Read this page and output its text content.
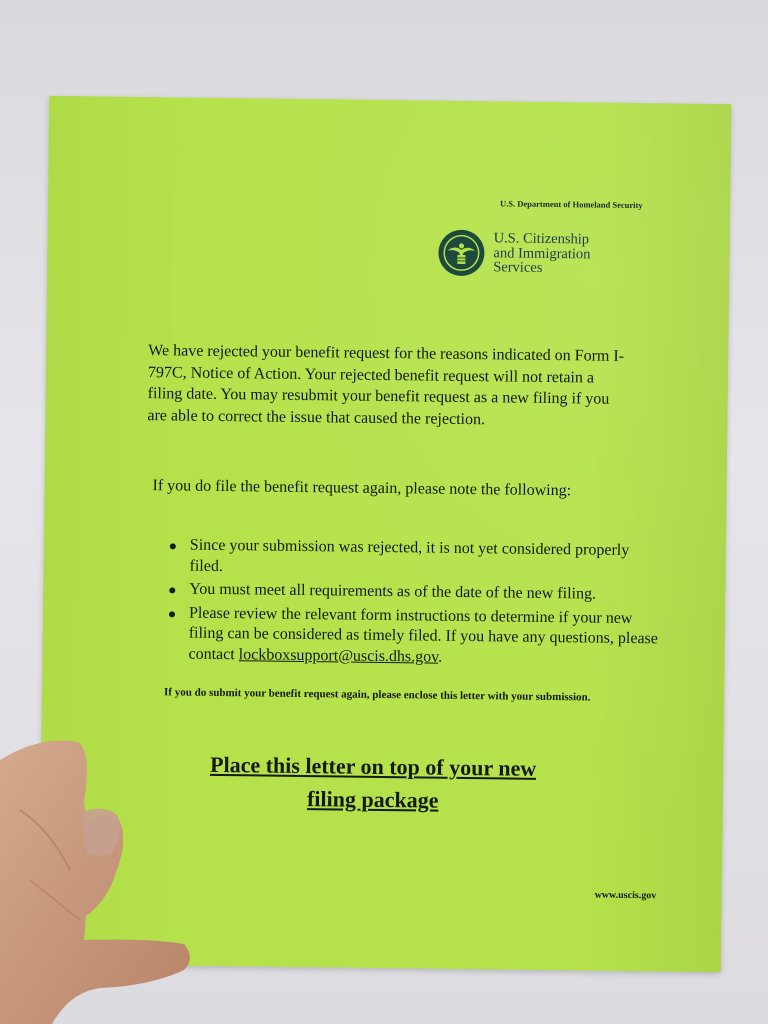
U.S. Department of Homeland Security
U.S. Citizenship
and Immigration
Services
We have rejected your benefit request for the reasons indicated on Form I-797C, Notice of Action. Your rejected benefit request will not retain a filing date. You may resubmit your benefit request as a new filing if you are able to correct the issue that caused the rejection.
If you do file the benefit request again, please note the following:
Since your submission was rejected, it is not yet considered properly filed.
You must meet all requirements as of the date of the new filing.
Please review the relevant form instructions to determine if your new filing can be considered as timely filed. If you have any questions, please contact lockboxsupport@uscis.dhs.gov.
If you do submit your benefit request again, please enclose this letter with your submission.
Place this letter on top of your new filing package
www.uscis.gov
